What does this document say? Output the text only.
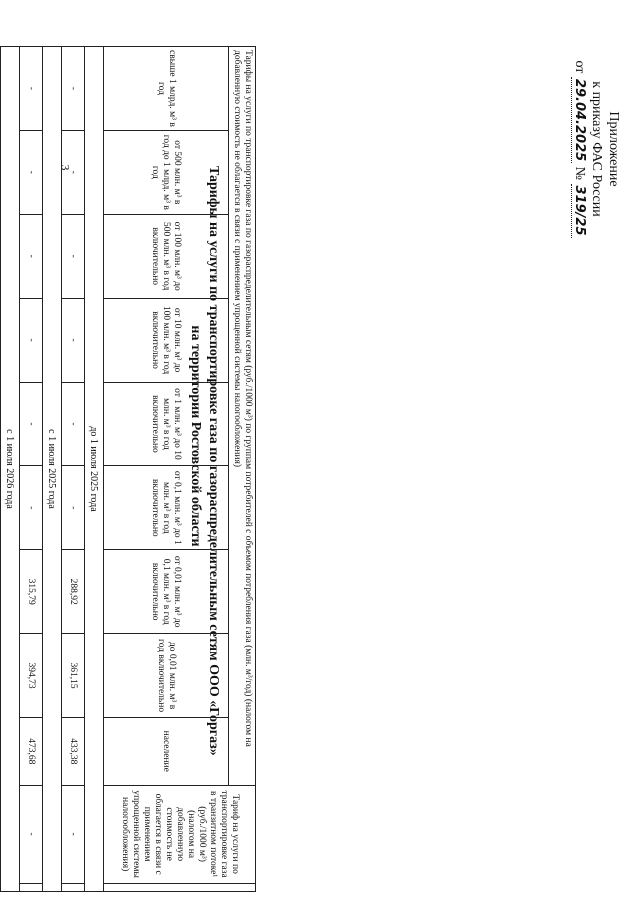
3	Приложение
к приказу ФАС России
от 29.04.2025 № 319/25
Тарифы на услуги по транспортировке газа по газораспределительным сетям ООО «Горгаз»
на территории Ростовской области	Тарифы на услуги по транспортировке газа по газораспределительным сетям (руб./1000 м³) по группам потребителей с объемом потребления газа (млн. м³/год) (налогом на добавленную стоимость не облагается в связи с применением упрощенной системы налогообложения)									Тариф на услуги по транспортировке газа в транзитном потоке¹ (руб./1000 м³) (налогом на добавленную стоимость не облагается в связи с применением упрощенной системы налогообложения)	
свыше 1 млрд. м³ в год	от 500 млн. м³ в год до 1 млрд. м³ в год	от 100 млн. м³ до 500 млн. м³ в год включительно	от 10 млн. м³ до 100 млн. м³ в год включительно	от 1 млн. м³ до 10 млн. м³ в год включительно	от 0,1 млн. м³ до 1 млн. м³ в год включительно	от 0,01 млн. м³ до 0,1 млн. м³ в год включительно	до 0,01 млн. м³ в год включительно	население		
до 1 июля 2025 года										
-	-	-	-	-	-	288,92	361,15	433,38	-	
с 1 июля 2025 года										
-	-	-	-	-	-	315,79	394,73	473,68	-	
с 1 июля 2026 года										
